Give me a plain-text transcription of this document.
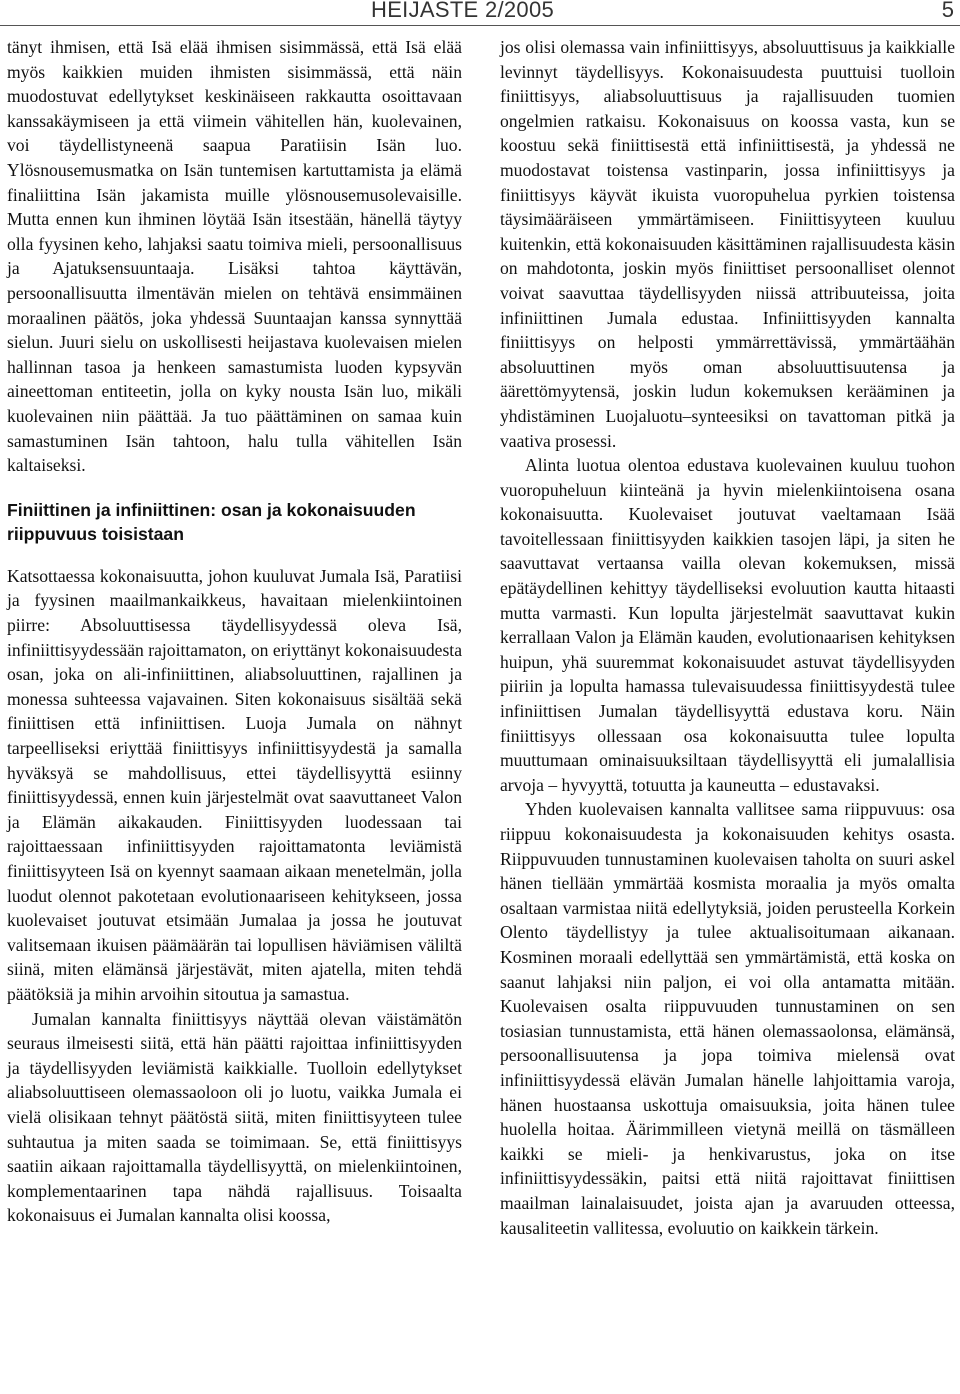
HEIJASTE 2/2005	5

tänyt ihmisen, että Isä elää ihmisen sisimmässä, että Isä elää myös kaikkien muiden ihmisten sisimmässä, että näin muodostuvat edellytykset keskinäiseen rakkautta osoittavaan kanssakäymiseen ja että viimein vähitellen hän, kuolevainen, voi täydellistyneenä saapua Paratiisin Isän luo. Ylösnousemusmatka on Isän tuntemisen kartuttamista ja elämä finaliittina Isän jakamista muille ylösnousemusolevaisille. Mutta ennen kun ihminen löytää Isän itsestään, hänellä täytyy olla fyysinen keho, lahjaksi saatu toimiva mieli, persoonallisuus ja Ajatuksensuuntaaja. Lisäksi tahtoa käyttävän, persoonallisuutta ilmentävän mielen on tehtävä ensimmäinen moraalinen päätös, joka yhdessä Suuntaajan kanssa synnyttää sielun. Juuri sielu on uskollisesti heijastava kuolevaisen mielen hallinnan tasoa ja henkeen samastumista luoden kypsyvän aineettoman entiteetin, jolla on kyky nousta Isän luo, mikäli kuolevainen niin päättää. Ja tuo päättäminen on samaa kuin samastuminen Isän tahtoon, halu tulla vähitellen Isän kaltaiseksi.

Finiittinen ja infiniittinen: osan ja kokonaisuuden riippuvuus toisistaan

Katsottaessa kokonaisuutta, johon kuuluvat Jumala Isä, Paratiisi ja fyysinen maailmankaikkeus, havaitaan mielenkiintoinen piirre: Absoluuttisessa täydellisyydessä oleva Isä, infiniittisyydessään rajoittamaton, on eriyttänyt kokonaisuudesta osan, joka on ali-infiniittinen, aliabsoluuttinen, rajallinen ja monessa suhteessa vajavainen. Siten kokonaisuus sisältää sekä finiittisen että infiniittisen. Luoja Jumala on nähnyt tarpeelliseksi eriyttää finiittisyys infiniittisyydestä ja samalla hyväksyä se mahdollisuus, ettei täydellisyyttä esiinny finiittisyydessä, ennen kuin järjestelmät ovat saavuttaneet Valon ja Elämän aikakauden. Finiittisyyden luodessaan tai rajoittaessaan infiniittisyyden rajoittamatonta leviämistä finiittisyyteen Isä on kyennyt saamaan aikaan menetelmän, jolla luodut olennot pakotetaan evolutionaariseen kehitykseen, jossa kuolevaiset joutuvat etsimään Jumalaa ja jossa he joutuvat valitsemaan ikuisen päämäärän tai lopullisen häviämisen väliltä siinä, miten elämänsä järjestävät, miten ajatella, miten tehdä päätöksiä ja mihin arvoihin sitoutua ja samastua.

Jumalan kannalta finiittisyys näyttää olevan väistämätön seuraus ilmeisesti siitä, että hän päätti rajoittaa infiniittisyyden ja täydellisyyden leviämistä kaikkialle. Tuolloin edellytykset aliabsoluuttiseen olemassaoloon oli jo luotu, vaikka Jumala ei vielä olisikaan tehnyt päätöstä siitä, miten finiittisyyteen tulee suhtautua ja miten saada se toimimaan. Se, että finiittisyys saatiin aikaan rajoittamalla täydellisyyttä, on mielenkiintoinen, komplementaarinen tapa nähdä rajallisuus. Toisaalta kokonaisuus ei Jumalan kannalta olisi koossa,

jos olisi olemassa vain infiniittisyys, absoluuttisuus ja kaikkialle levinnyt täydellisyys. Kokonaisuudesta puuttuisi tuolloin finiittisyys, aliabsoluuttisuus ja rajallisuuden tuomien ongelmien ratkaisu. Kokonaisuus on koossa vasta, kun se koostuu sekä finiittisestä että infiniittisestä, ja yhdessä ne muodostavat toistensa vastinparin, jossa infiniittisyys ja finiittisyys käyvät ikuista vuoropuhelua pyrkien toistensa täysimääräiseen ymmärtämiseen. Finiittisyyteen kuuluu kuitenkin, että kokonaisuuden käsittäminen rajallisuudesta käsin on mahdotonta, joskin myös finiittiset persoonalliset olennot voivat saavuttaa täydellisyyden niissä attribuuteissa, joita infiniittinen Jumala edustaa. Infiniittisyyden kannalta finiittisyys on helposti ymmärrettävissä, ymmärtäähän absoluuttinen myös oman absoluuttisuutensa ja äärettömyytensä, joskin ludun kokemuksen kerääminen ja yhdistäminen Luojaluotu–synteesiksi on tavattoman pitkä ja vaativa prosessi.

Alinta luotua olentoa edustava kuolevainen kuuluu tuohon vuoropuheluun kiinteänä ja hyvin mielenkiintoisena osana kokonaisuutta. Kuolevaiset joutuvat vaeltamaan Isää tavoitellessaan finiittisyyden kaikkien tasojen läpi, ja siten he saavuttavat vertaansa vailla olevan kokemuksen, missä epätäydellinen kehittyy täydelliseksi evoluution kautta hitaasti mutta varmasti. Kun lopulta järjestelmät saavuttavat kukin kerrallaan Valon ja Elämän kauden, evolutionaarisen kehityksen huipun, yhä suuremmat kokonaisuudet astuvat täydellisyyden piiriin ja lopulta hamassa tulevaisuudessa finiittisyydestä tulee infiniittisen Jumalan täydellisyyttä edustava koru. Näin finiittisyys ollessaan osa kokonaisuutta tulee lopulta muuttumaan ominaisuuksiltaan täydellisyyttä eli jumalallisia arvoja – hyvyyttä, totuutta ja kauneutta – edustavaksi.

Yhden kuolevaisen kannalta vallitsee sama riippuvuus: osa riippuu kokonaisuudesta ja kokonaisuuden kehitys osasta. Riippuvuuden tunnustaminen kuolevaisen taholta on suuri askel hänen tiellään ymmärtää kosmista moraalia ja myös omalta osaltaan varmistaa niitä edellytyksiä, joiden perusteella Korkein Olento täydellistyy ja tulee aktualisoitumaan aikanaan. Kosminen moraali edellyttää sen ymmärtämistä, että koska on saanut lahjaksi niin paljon, ei voi olla antamatta mitään. Kuolevaisen osalta riippuvuuden tunnustaminen on sen tosiasian tunnustamista, että hänen olemassaolonsa, elämänsä, persoonallisuutensa ja jopa toimiva mielensä ovat infiniittisyydessä elävän Jumalan hänelle lahjoittamia varoja, hänen huostaansa uskottuja omaisuuksia, joita hänen tulee huolella hoitaa. Äärimmilleen vietynä meillä on täsmälleen kaikki se mieli- ja henkivarustus, joka on itse infiniittisyydessäkin, paitsi että niitä rajoittavat finiittisen maailman lainalaisuudet, joista ajan ja avaruuden otteessa, kausaliteetin vallitessa, evoluutio on kaikkein tärkein.
